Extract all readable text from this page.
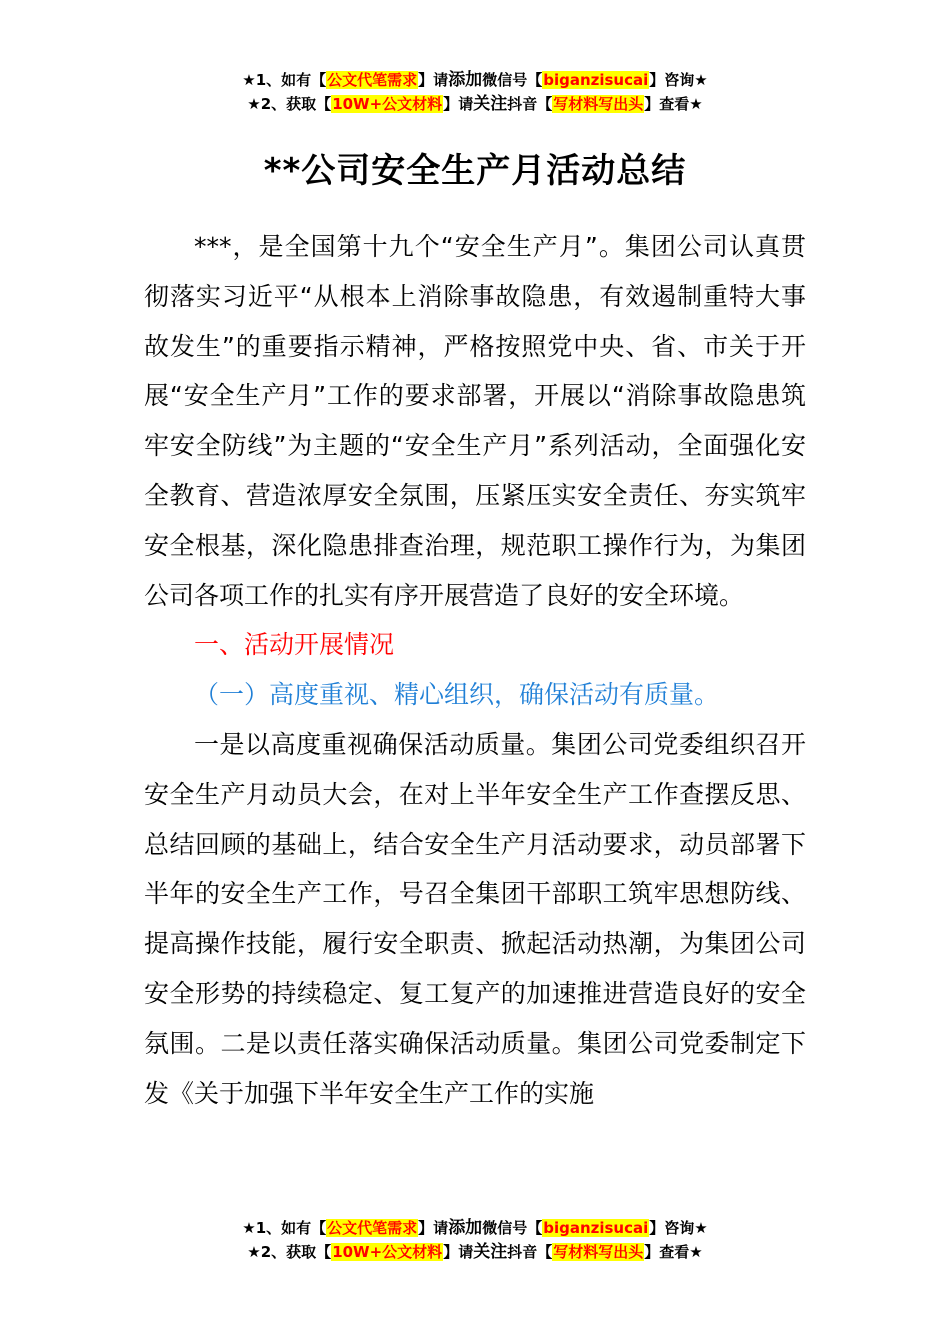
★1、如有【公文代笔需求】请添加微信号【biganzisucai】咨询★
★2、获取【10W+公文材料】请关注抖音【写材料写出头】查看★
**公司安全生产月活动总结

***，是全国第十九个“安全生产月”。集团公司认真贯彻落实习近平“从根本上消除事故隐患，有效遏制重特大事故发生”的重要指示精神，严格按照党中央、省、市关于开展“安全生产月”工作的要求部署，开展以“消除事故隐患筑牢安全防线”为主题的“安全生产月”系列活动，全面强化安全教育、营造浓厚安全氛围，压紧压实安全责任、夯实筑牢安全根基，深化隐患排查治理，规范职工操作行为，为集团公司各项工作的扎实有序开展营造了良好的安全环境。

一、活动开展情况

（一）高度重视、精心组织，确保活动有质量。

一是以高度重视确保活动质量。集团公司党委组织召开安全生产月动员大会，在对上半年安全生产工作查摆反思、总结回顾的基础上，结合安全生产月活动要求，动员部署下半年的安全生产工作，号召全集团干部职工筑牢思想防线、提高操作技能，履行安全职责、掀起活动热潮，为集团公司安全形势的持续稳定、复工复产的加速推进营造良好的安全氛围。二是以责任落实确保活动质量。集团公司党委制定下发《关于加强下半年安全生产工作的实施

★1、如有【公文代笔需求】请添加微信号【biganzisucai】咨询★
★2、获取【10W+公文材料】请关注抖音【写材料写出头】查看★
